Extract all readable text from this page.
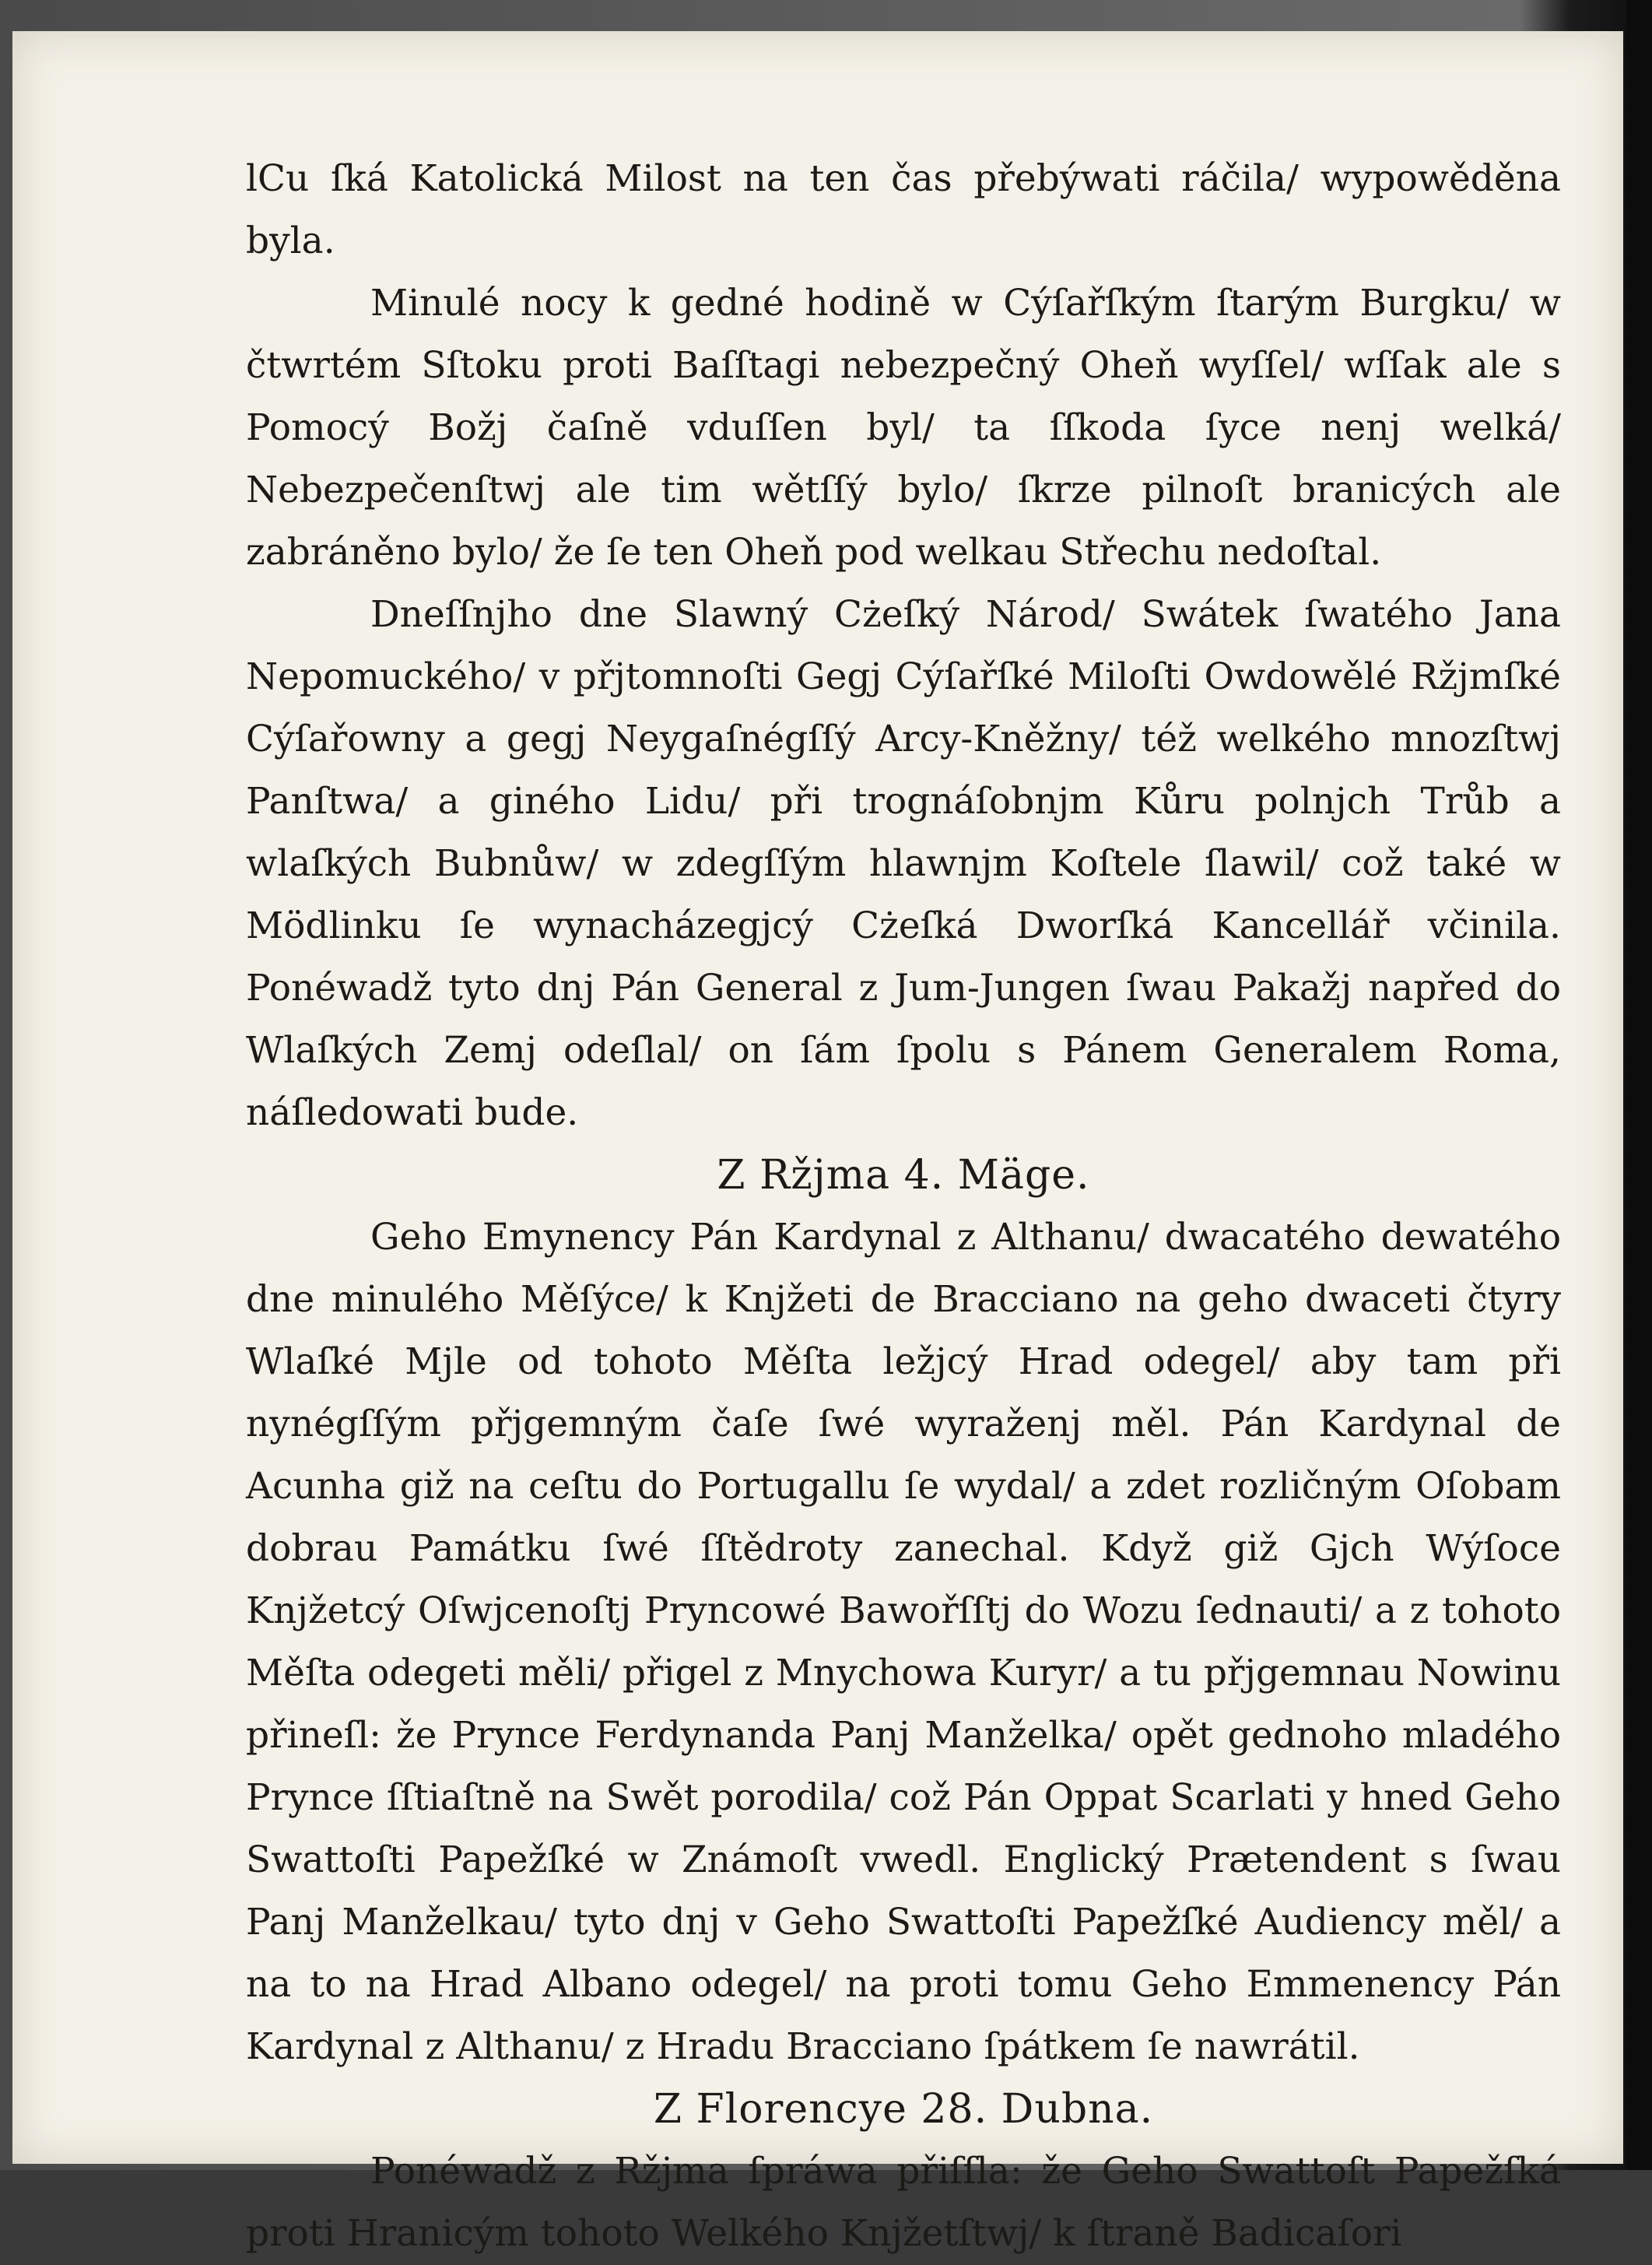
lCu ſká Katolická Milost na ten čas přebýwati ráčila/ wypowěděna byla.

Minulé nocy k gedné hodině w Cýſařſkým ſtarým Burgku/ w čtwrtém Sſtoku proti Baſſtagi nebezpečný Oheň wyſſel/ wſſak ale s Pomocý Božj čaſně vduſſen byl/ ta ſſkoda ſyce nenj welká/ Nebezpečenſtwj ale tim wětſſý bylo/ ſkrze pilnoſt branicých ale zabráněno bylo/ že ſe ten Oheň pod welkau Střechu nedoſtal.

Dneſſnjho dne Slawný Cżeſký Národ/ Swátek ſwatého Jana Nepomuckého/ v přjtomnoſti Gegj Cýſařſké Miloſti Owdowělé Ržjmſké Cýſařowny a gegj Neygaſnégſſý Arcy-Kněžny/ též welkého mnozſtwj Panſtwa/ a giného Lidu/ při trognáſobnjm Kůru polnjch Trůb a wlaſkých Bubnůw/ w zdegſſým hlawnjm Koſtele ſlawil/ což také w Mödlinku ſe wynacházegjcý Cżeſká Dworſká Kancellář včinila. Ponéwadž tyto dnj Pán General z Jum-Jungen ſwau Pakažj napřed do Wlaſkých Zemj odeſlal/ on ſám ſpolu s Pánem Generalem Roma, náſledowati bude.

Z Ržjma 4. Mäge.

Geho Emynency Pán Kardynal z Althanu/ dwacatého dewatého dne minulého Měſýce/ k Knjžeti de Bracciano na geho dwaceti čtyry Wlaſké Mjle od tohoto Měſta ležjcý Hrad odegel/ aby tam při nynégſſým přjgemným čaſe ſwé wyraženj měl. Pán Kardynal de Acunha giž na ceſtu do Portugallu ſe wydal/ a zdet rozličným Oſobam dobrau Památku ſwé ſſtědroty zanechal. Když giž Gjch Wýſoce Knjžetcý Oſwjcenoſtj Pryncowé Bawořſſtj do Wozu ſednauti/ a z tohoto Měſta odegeti měli/ přigel z Mnychowa Kuryr/ a tu přjgemnau Nowinu přineſl: že Prynce Ferdynanda Panj Manželka/ opět gednoho mladého Prynce ſſtiaſtně na Swět porodila/ což Pán Oppat Scarlati y hned Geho Swattoſti Papežſké w Známoſt vwedl. Englický Prætendent s ſwau Panj Manželkau/ tyto dnj v Geho Swattoſti Papežſké Audiency měl/ a na to na Hrad Albano odegel/ na proti tomu Geho Emmenency Pán Kardynal z Althanu/ z Hradu Bracciano ſpátkem ſe nawrátil.

Z Florencye 28. Dubna.

Ponéwadž z Ržjma ſpráwa přiſſla: že Geho Swattoſt Papežſká proti Hranicým tohoto Welkého Knjžetſtwj/ k ſtraně Badicaſori
